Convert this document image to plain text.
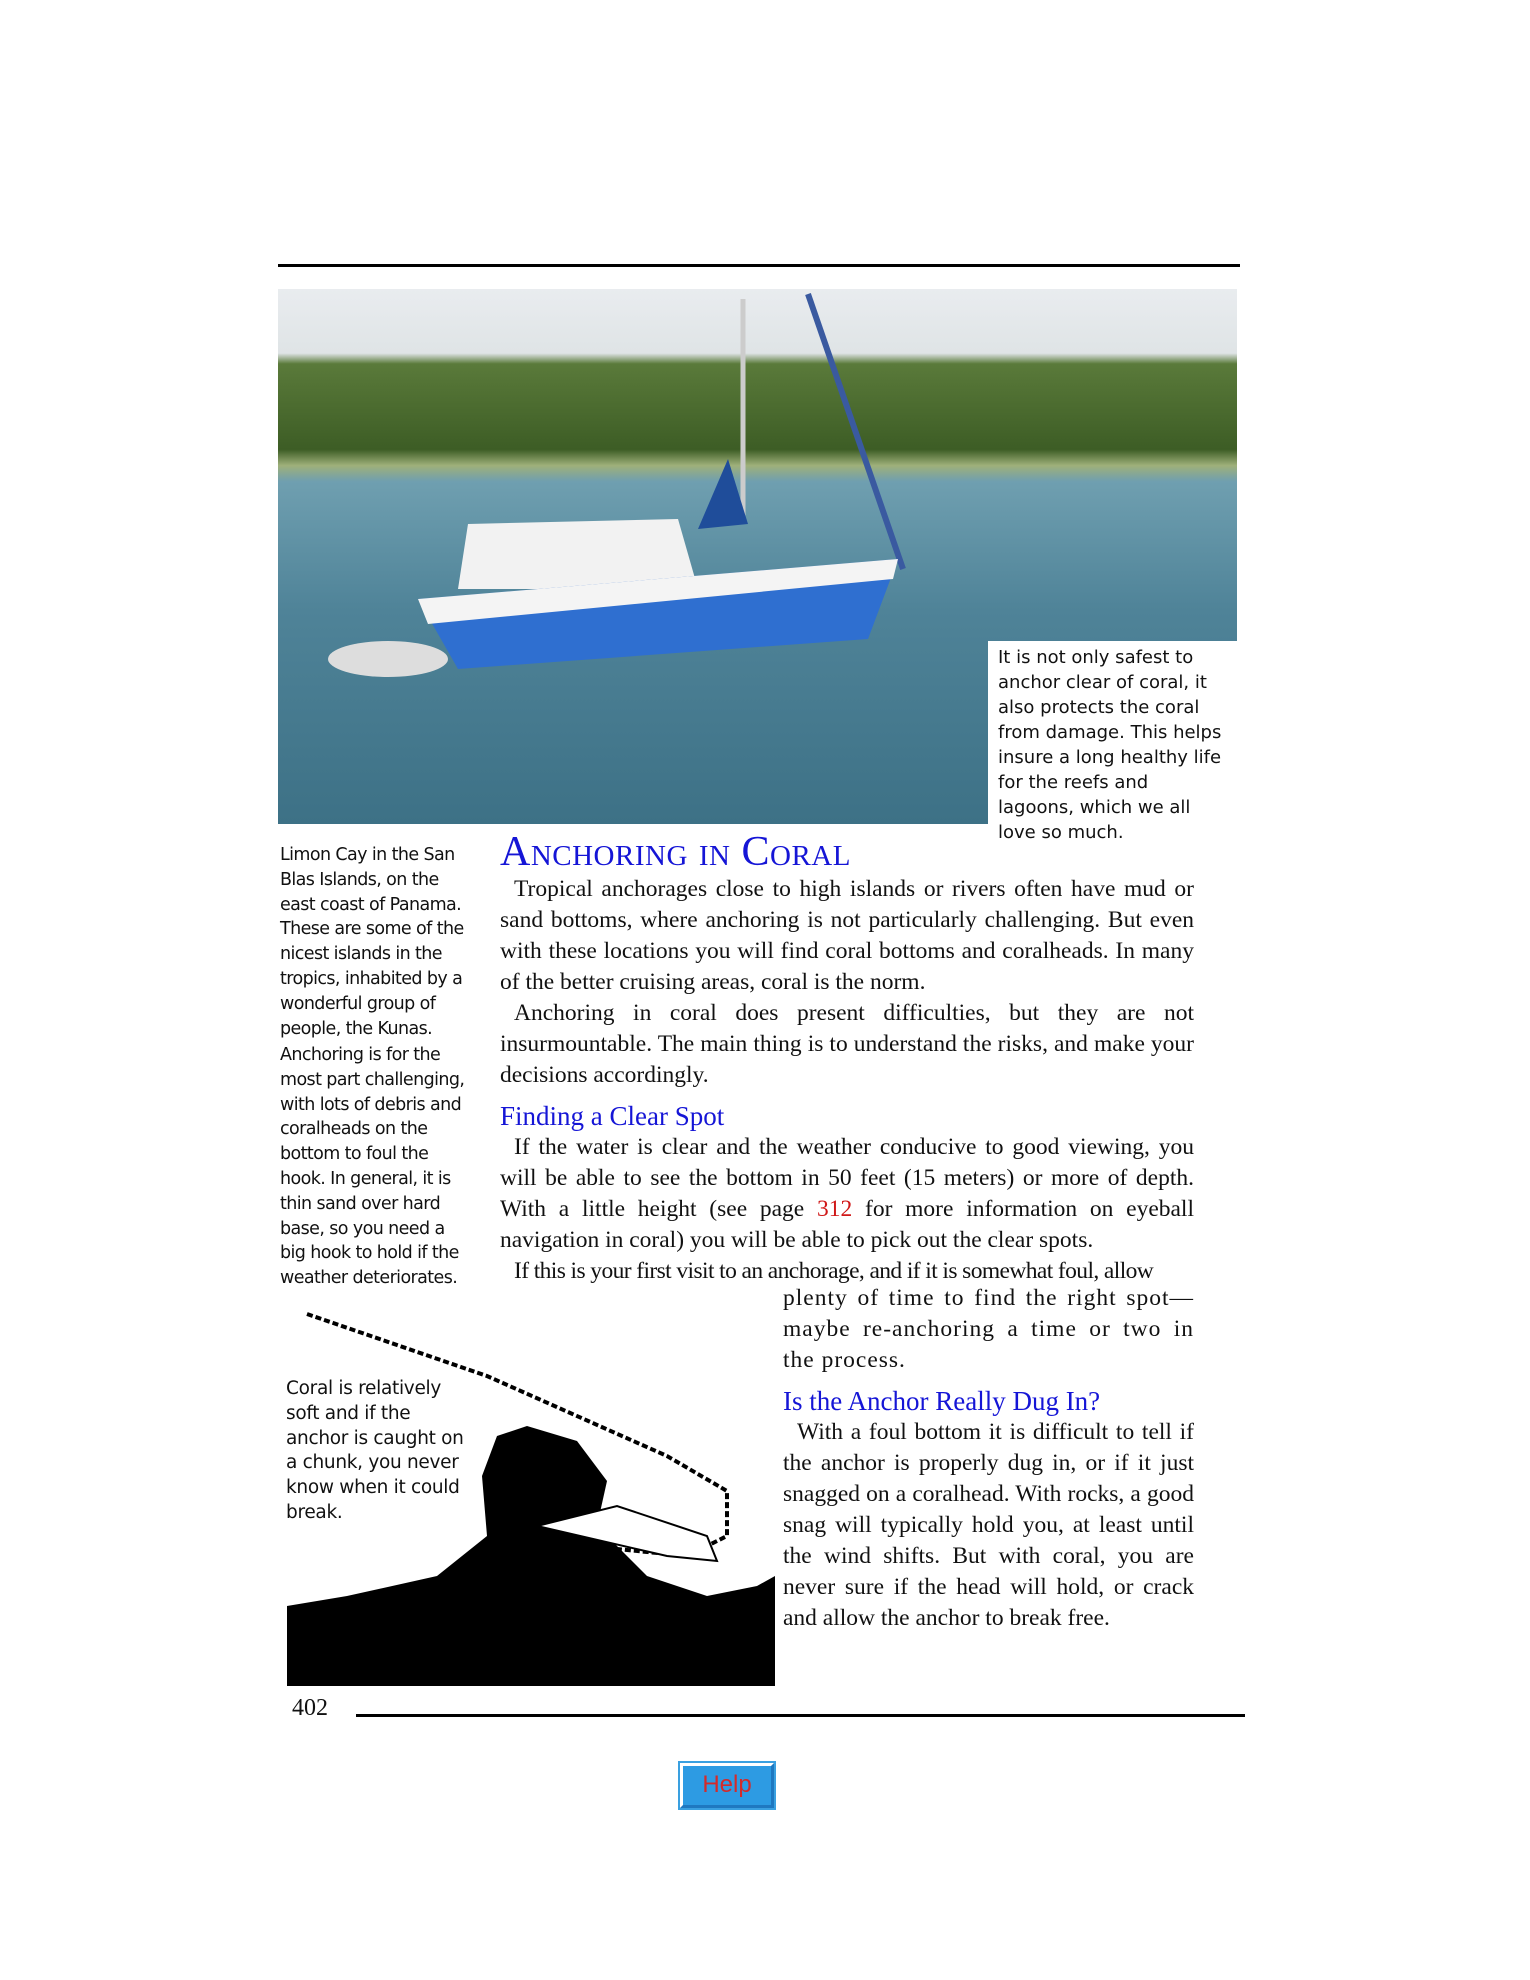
It is not only safest to anchor clear of coral, it also protects the coral from damage. This helps insure a long healthy life for the reefs and lagoons, which we all love so much.
Limon Cay in the San Blas Islands, on the east coast of Panama. These are some of the nicest islands in the tropics, inhabited by a wonderful group of people, the Kunas.
Anchoring is for the most part challenging, with lots of debris and coralheads on the bottom to foul the hook. In general, it is thin sand over hard base, so you need a big hook to hold if the weather deteriorates.
Anchoring in Coral

Tropical anchorages close to high islands or rivers often have mud or sand bottoms, where anchoring is not particularly challenging. But even with these locations you will find coral bottoms and coralheads. In many of the better cruising areas, coral is the norm.

Anchoring in coral does present difficulties, but they are not insurmountable. The main thing is to understand the risks, and make your decisions accordingly.

Finding a Clear Spot

If the water is clear and the weather conducive to good viewing, you will be able to see the bottom in 50 feet (15 meters) or more of depth. With a little height (see page 312 for more information on eyeball navigation in coral) you will be able to pick out the clear spots.

If this is your first visit to an anchorage, and if it is somewhat foul, allow

plenty of time to find the right spot—maybe re-anchoring a time or two in the process.

Is the Anchor Really Dug In?

With a foul bottom it is difficult to tell if the anchor is properly dug in, or if it just snagged on a coralhead. With rocks, a good snag will typically hold you, at least until the wind shifts. But with coral, you are never sure if the head will hold, or crack and allow the anchor to break free.

Coral is relatively soft and if the anchor is caught on a chunk, you never know when it could break.
402
Help
